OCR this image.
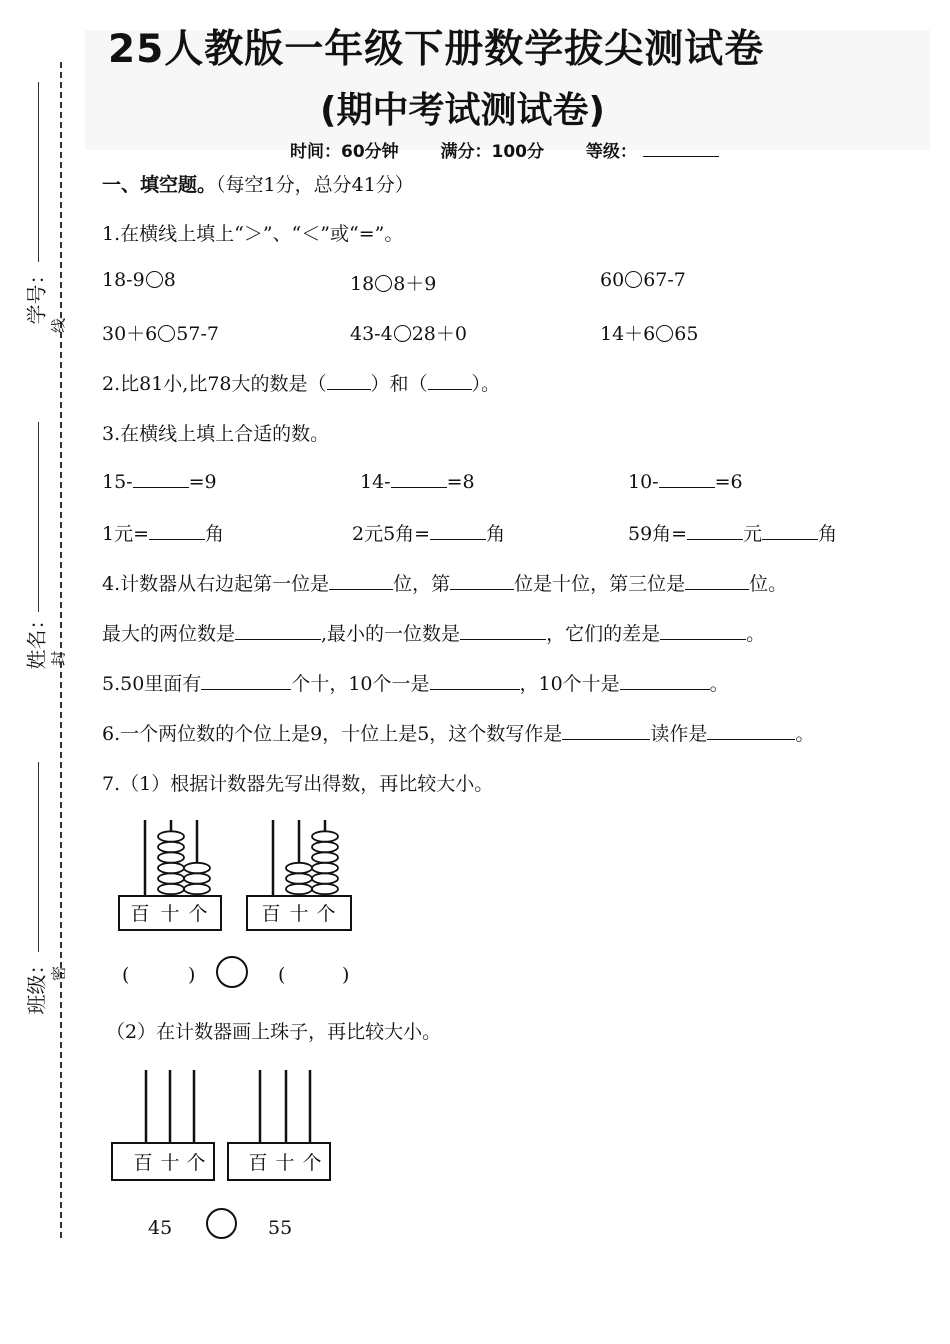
25人教版一年级下册数学拔尖测试卷
(期中考试测试卷)
时间：60分钟 满分：100分 等级：
学号：
线
姓名： 封
班级： 密
一、填空题。（每空1分，总分41分）
1.在横线上填上“＞”、“＜”或“=”。
18-9 8	18 8＋9	60 67-7
30＋6 57-7	43-4 28＋0	14＋6 65
2.比81小,比78大的数是（ ）和（ ）。
3.在横线上填上合适的数。
15-	=9	14-	=8	10-	=6
1元=	角	2元5角=	角	59角=	元	角
4.计数器从右边起第一位是	位，第	位是十位，第三位是	位。
最大的两位数是	,最小的一位数是	，它们的差是	。
5.50里面有	个十，10个一是	，10个十是	。
6.一个两位数的个位上是9，十位上是5，这个数写作是	读作是	。
7.（1）根据计数器先写出得数，再比较大小。
百 十 个	百 十 个
(	)	(	)
（2）在计数器画上珠子，再比较大小。
百 十 个 百 十 个
45	55
